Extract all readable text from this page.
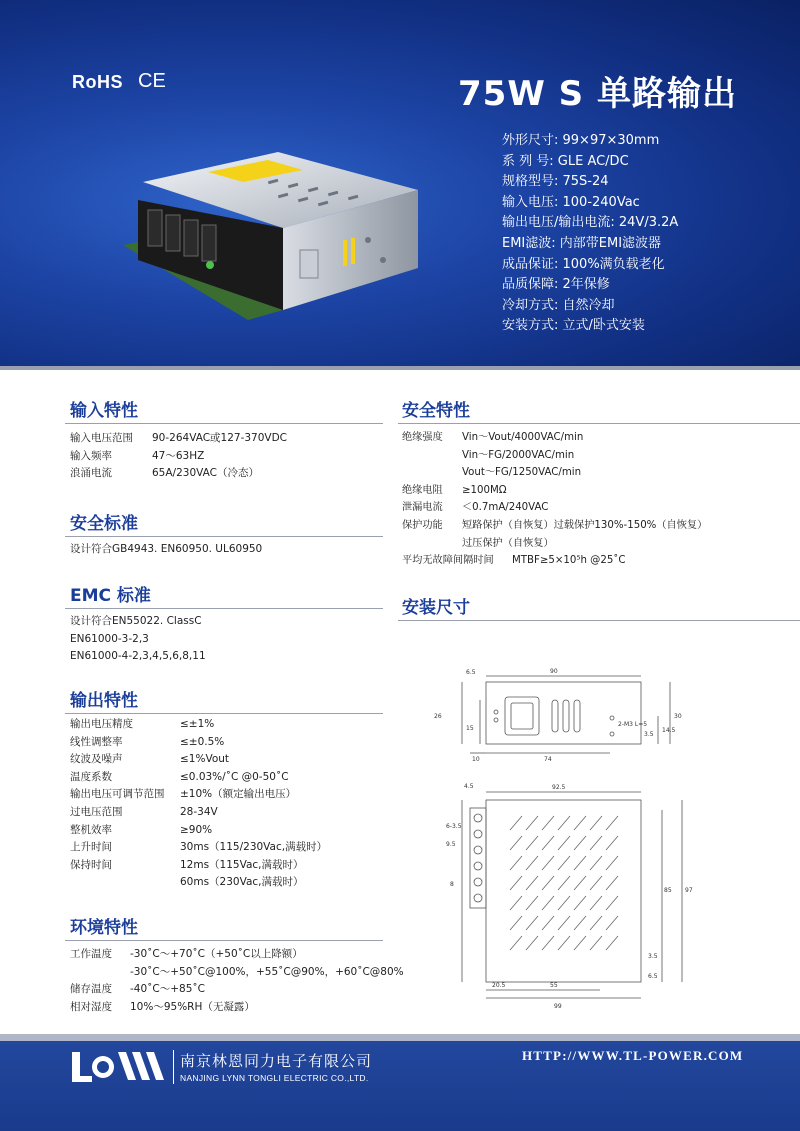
RoHS CE	75W S 单路输出
外形尺寸: 99×97×30mm
系 列 号: GLE AC/DC
规格型号: 75S-24
输入电压: 100-240Vac
输出电压/输出电流: 24V/3.2A
EMI滤波: 内部带EMI滤波器
成品保证: 100%满负载老化
品质保障: 2年保修
冷却方式: 自然冷却
安装方式: 立式/卧式安装
输入特性
输入电压范围	90-264VAC或127-370VDC
输入频率	47～63HZ
浪涌电流	65A/230VAC（冷态）
安全标准
设计符合GB4943. EN60950. UL60950
EMC 标准
设计符合EN55022. ClassC
EN61000-3-2,3
EN61000-4-2,3,4,5,6,8,11
输出特性
输出电压精度	≤±1%
线性调整率	≤±0.5%
纹波及噪声	≤1%Vout
温度系数	≤0.03%/˚C @0-50˚C
输出电压可调节范围	±10%（额定输出电压）
过电压范围	28-34V
整机效率	≥90%
上升时间	30ms（115/230Vac,满载时）
保持时间	12ms（115Vac,满载时）
60ms（230Vac,满载时）
环境特性
工作温度	-30˚C～+70˚C（+50˚C以上降额）
-30˚C～+50˚C@100%，+55˚C@90%，+60˚C@80%
储存温度	-40˚C～+85˚C
相对湿度	10%～95%RH（无凝露）
安全特性
绝缘强度	Vin～Vout/4000VAC/min
Vin～FG/2000VAC/min
Vout～FG/1250VAC/min
绝缘电阻	≥100MΩ
泄漏电流	＜0.7mA/240VAC
保护功能	短路保护（自恢复）过载保护130%-150%（自恢复）
过压保护（自恢复）
平均无故障间隔时间	MTBF≥5×10⁵h @25˚C
安装尺寸
6.5	90
26
15
30
14.5
3.5
10	74
2-M3 L=5
4.5	92.5
6-3.5
9.5
8
85 97
3.5
6.5
20.5	55
99
南京林恩同力电子有限公司
NANJING LYNN TONGLI ELECTRIC CO.,LTD.
HTTP://WWW.TL-POWER.COM
